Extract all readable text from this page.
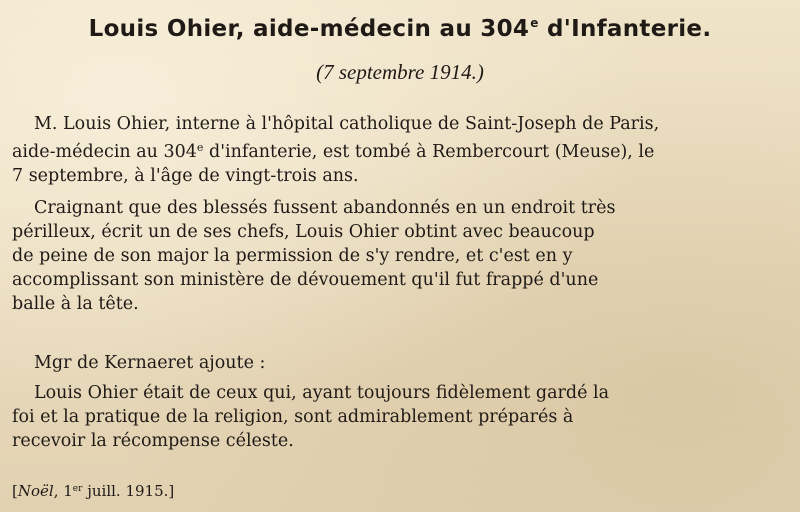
Louis Ohier, aide-médecin au 304e d'Infanterie.
(7 septembre 1914.)
M. Louis Ohier, interne à l'hôpital catholique de Saint-Joseph de Paris,
aide-médecin au 304e d'infanterie, est tombé à Rembercourt (Meuse), le
7 septembre, à l'âge de vingt-trois ans.
Craignant que des blessés fussent abandonnés en un endroit très
périlleux, écrit un de ses chefs, Louis Ohier obtint avec beaucoup
de peine de son major la permission de s'y rendre, et c'est en y
accomplissant son ministère de dévouement qu'il fut frappé d'une
balle à la tête.
Mgr de Kernaeret ajoute :
Louis Ohier était de ceux qui, ayant toujours fidèlement gardé la
foi et la pratique de la religion, sont admirablement préparés à
recevoir la récompense céleste.
[Noël, 1er juill. 1915.]
